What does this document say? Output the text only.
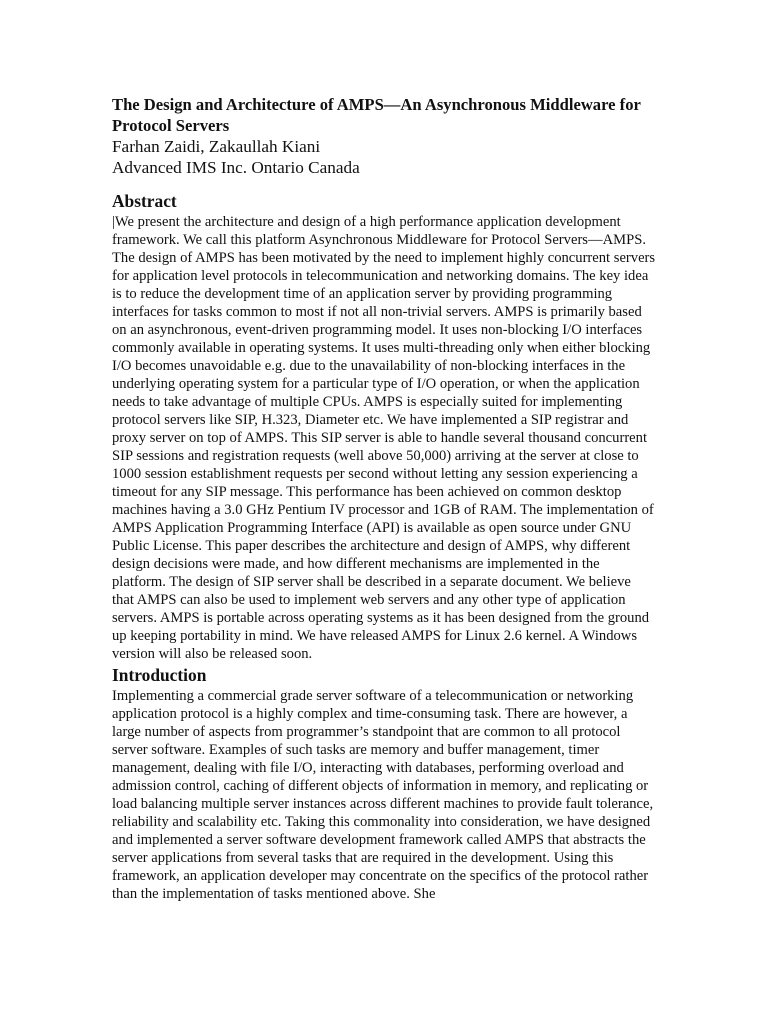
The Design and Architecture of AMPS—An Asynchronous Middleware for Protocol Servers
Farhan Zaidi, Zakaullah Kiani
Advanced IMS Inc. Ontario Canada
Abstract

|We present the architecture and design of a high performance application development framework. We call this platform Asynchronous Middleware for Protocol Servers—AMPS. The design of AMPS has been motivated by the need to implement highly concurrent servers for application level protocols in telecommunication and networking domains. The key idea is to reduce the development time of an application server by providing programming interfaces for tasks common to most if not all non-trivial servers. AMPS is primarily based on an asynchronous, event-driven programming model. It uses non-blocking I/O interfaces commonly available in operating systems. It uses multi-threading only when either blocking I/O becomes unavoidable e.g. due to the unavailability of non-blocking interfaces in the underlying operating system for a particular type of I/O operation, or when the application needs to take advantage of multiple CPUs. AMPS is especially suited for implementing protocol servers like SIP, H.323, Diameter etc. We have implemented a SIP registrar and proxy server on top of AMPS. This SIP server is able to handle several thousand concurrent SIP sessions and registration requests (well above 50,000) arriving at the server at close to 1000 session establishment requests per second without letting any session experiencing a timeout for any SIP message. This performance has been achieved on common desktop machines having a 3.0 GHz Pentium IV processor and 1GB of RAM. The implementation of AMPS Application Programming Interface (API) is available as open source under GNU Public License. This paper describes the architecture and design of AMPS, why different design decisions were made, and how different mechanisms are implemented in the platform. The design of SIP server shall be described in a separate document. We believe that AMPS can also be used to implement web servers and any other type of application servers. AMPS is portable across operating systems as it has been designed from the ground up keeping portability in mind. We have released AMPS for Linux 2.6 kernel. A Windows version will also be released soon.

Introduction

Implementing a commercial grade server software of a telecommunication or networking application protocol is a highly complex and time-consuming task. There are however, a large number of aspects from programmer’s standpoint that are common to all protocol server software. Examples of such tasks are memory and buffer management, timer management, dealing with file I/O, interacting with databases, performing overload and admission control, caching of different objects of information in memory, and replicating or load balancing multiple server instances across different machines to provide fault tolerance, reliability and scalability etc. Taking this commonality into consideration, we have designed and implemented a server software development framework called AMPS that abstracts the server applications from several tasks that are required in the development. Using this framework, an application developer may concentrate on the specifics of the protocol rather than the implementation of tasks mentioned above. She
